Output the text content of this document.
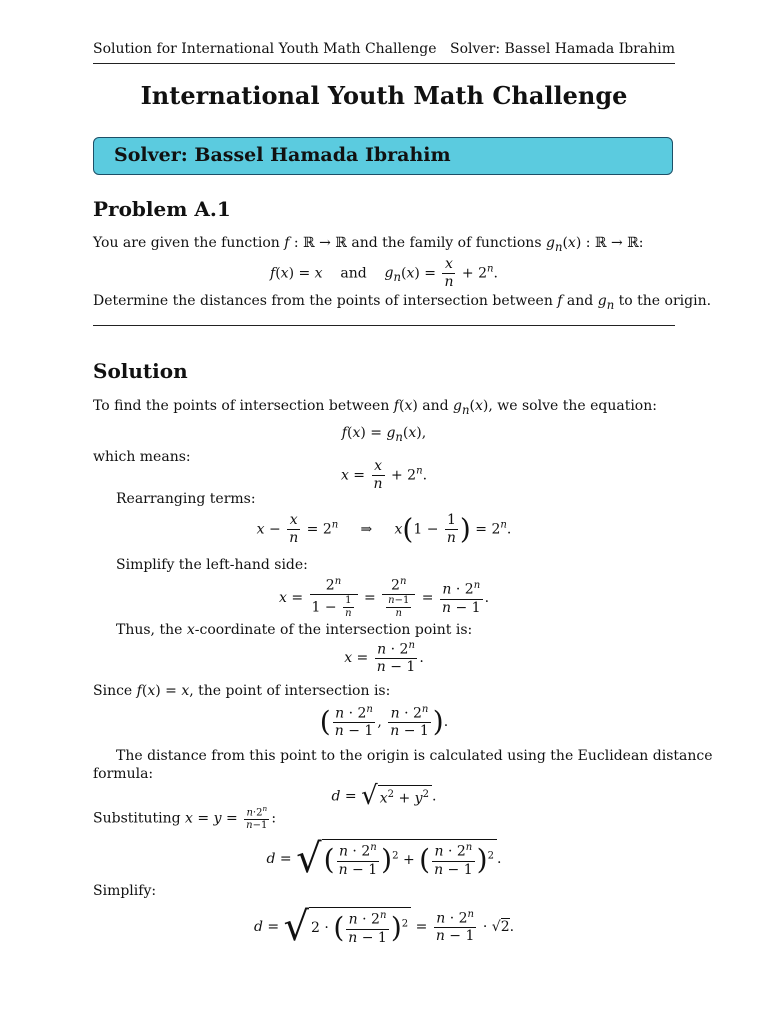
Solution for International Youth Math Challenge Solver: Bassel Hamada Ibrahim
International Youth Math Challenge
Solver: Bassel Hamada Ibrahim
Problem A.1
You are given the function f : ℝ → ℝ and the family of functions $g_n(x)$ : ℝ → ℝ:
f(x) = x    and    $g_n(x) = \frac{x}{n} + 2^n$.
Determine the distances from the points of intersection between f and $g_n$ to the origin.
Solution
To find the points of intersection between f(x) and $g_n(x)$, we solve the equation:
$f(x) = g_n(x)$,
which means:
$x = \frac{x}{n} + 2^n$.
Rearranging terms:
$x - \frac{x}{n} = 2^n$     ⇒     $x(1 - \frac{1}{n}$ ) = $2^n$.
Simplify the left-hand side:
$x = \frac{2^n}{1 - \frac{1}{n}} = \frac{2^n}{\frac{n-1}{n}} = \frac{n \cdot 2^n}{n - 1}$ .
Thus, the x-coordinate of the intersection point is:
$x = \frac{n \cdot 2^n}{n - 1}$ .
Since f(x) = x, the point of intersection is:
( $\frac{n \cdot 2^n}{n - 1}$ , $\frac{n \cdot 2^n}{n - 1}$ ).
The distance from this point to the origin is calculated using the Euclidean distance
formula:
d = √ $x^2 + y^2$ .
Substituting $x = y = \frac{n\cdot 2^n}{n-1}$ :
d = √( $\frac{n \cdot 2^n}{n - 1} )^2$ + ( $\frac{n \cdot 2^n}{n - 1} )^2$ .
Simplify:
d = √ 2 · ( $\frac{n \cdot 2^n}{n - 1} )^2 = \frac{n \cdot 2^n}{n - 1} \cdot √2$.
